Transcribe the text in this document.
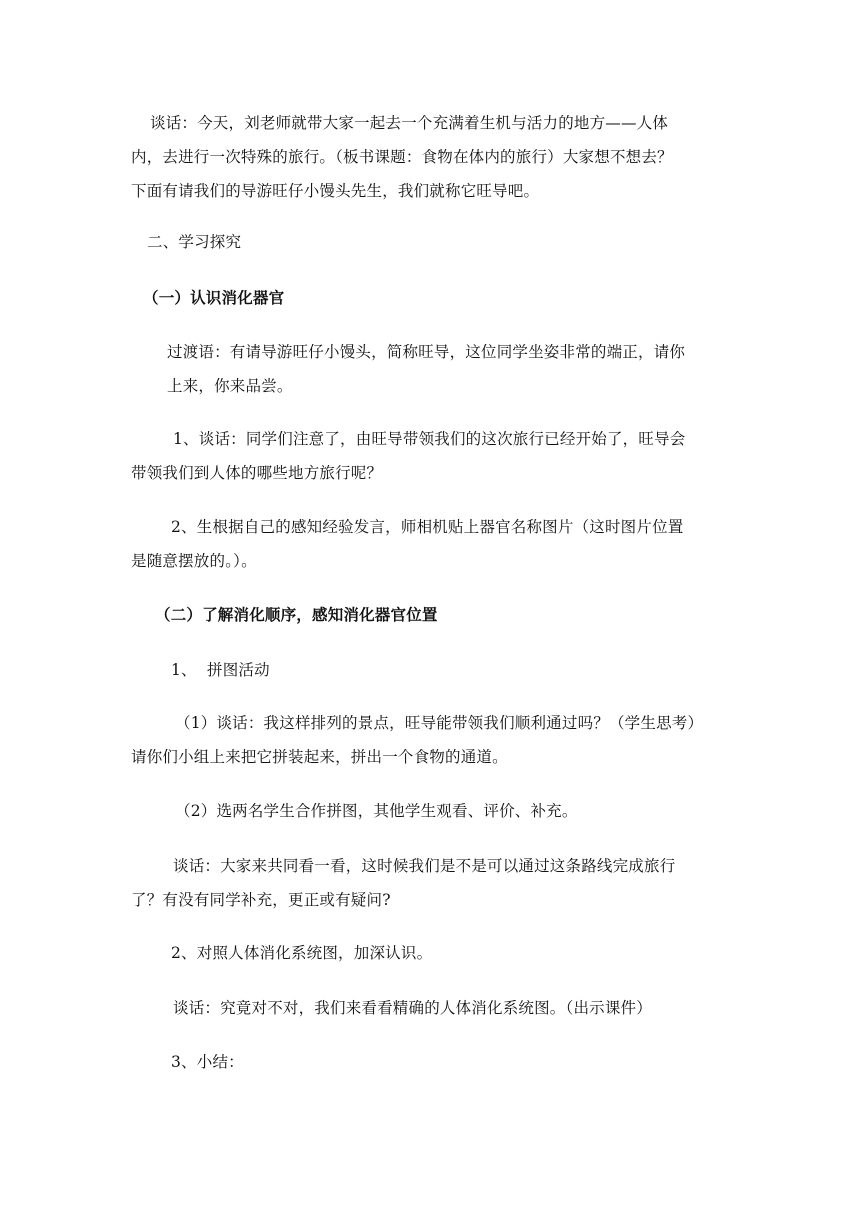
谈话：今天，刘老师就带大家一起去一个充满着生机与活力的地方——人体
内，去进行一次特殊的旅行。（板书课题：食物在体内的旅行）大家想不想去？
下面有请我们的导游旺仔小馒头先生，我们就称它旺导吧。
二、学习探究
（一）认识消化器官
过渡语：有请导游旺仔小馒头，简称旺导，这位同学坐姿非常的端正，请你
上来，你来品尝。
1、谈话：同学们注意了，由旺导带领我们的这次旅行已经开始了，旺导会
带领我们到人体的哪些地方旅行呢？
2、生根据自己的感知经验发言，师相机贴上器官名称图片（这时图片位置
是随意摆放的。）。
（二）了解消化顺序，感知消化器官位置
1、  拼图活动
（1）谈话：我这样排列的景点，旺导能带领我们顺利通过吗？（学生思考）
请你们小组上来把它拼装起来，拼出一个食物的通道。
（2）选两名学生合作拼图，其他学生观看、评价、补充。
谈话：大家来共同看一看，这时候我们是不是可以通过这条路线完成旅行
了？有没有同学补充，更正或有疑问?
2、对照人体消化系统图，加深认识。
谈话：究竟对不对，我们来看看精确的人体消化系统图。（出示课件）
3、小结：
